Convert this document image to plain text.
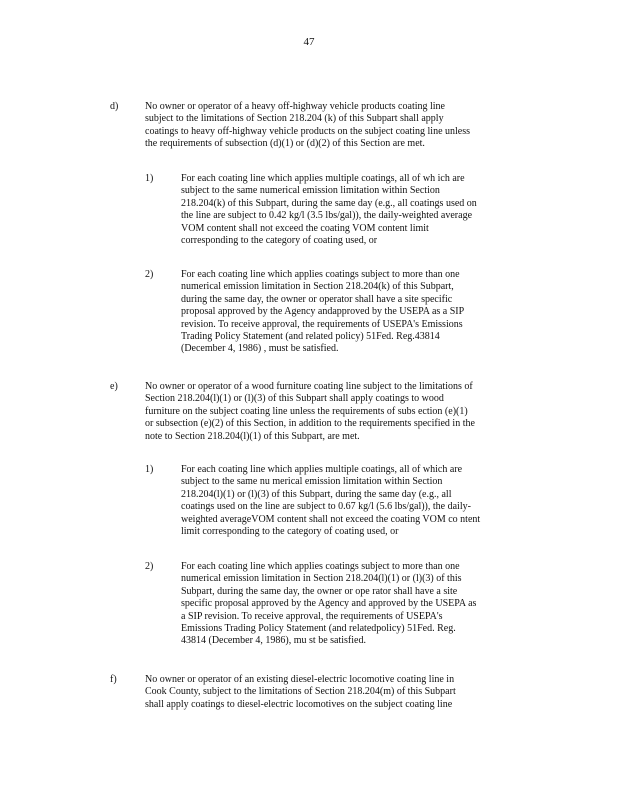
47
d)	No owner or operator of a heavy off-highway vehicle products coating line
subject to the limitations of Section 218.204 (k) of this Subpart shall apply
coatings to heavy off-highway vehicle products on the subject coating line unless
the requirements of subsection (d)(1) or (d)(2) of this Section are met.
1)	For each coating line which applies multiple coatings, all of wh ich are
subject to the same numerical emission limitation within Section
218.204(k) of this Subpart, during the same day (e.g., all coatings used on
the line are subject to 0.42 kg/l (3.5 lbs/gal)), the daily-weighted average
VOM content shall not exceed the coating VOM content limit
corresponding to the category of coating used, or
2)	For each coating line which applies coatings subject to more than one
numerical emission limitation in Section 218.204(k) of this Subpart,
during the same day, the owner or operator shall have a site specific
proposal approved by the Agency andapproved by the USEPA as a SIP
revision. To receive approval, the requirements of USEPA's Emissions
Trading Policy Statement (and related policy) 51Fed. Reg.43814
(December 4, 1986) , must be satisfied.
e)	No owner or operator of a wood furniture coating line subject to the limitations of
Section 218.204(l)(1) or (l)(3) of this Subpart shall apply coatings to wood
furniture on the subject coating line unless the requirements of subs ection (e)(1)
or subsection (e)(2) of this Section, in addition to the requirements specified in the
note to Section 218.204(l)(1) of this Subpart, are met.
1)	For each coating line which applies multiple coatings, all of which are
subject to the same nu merical emission limitation within Section
218.204(l)(1) or (l)(3) of this Subpart, during the same day (e.g., all
coatings used on the line are subject to 0.67 kg/l (5.6 lbs/gal)), the daily-
weighted averageVOM content shall not exceed the coating VOM co ntent
limit corresponding to the category of coating used, or
2)	For each coating line which applies coatings subject to more than one
numerical emission limitation in Section 218.204(l)(1) or (l)(3) of this
Subpart, during the same day, the owner or ope rator shall have a site
specific proposal approved by the Agency and approved by the USEPA as
a SIP revision. To receive approval, the requirements of USEPA's
Emissions Trading Policy Statement (and relatedpolicy) 51Fed. Reg.
43814 (December 4, 1986), mu st be satisfied.
f)	No owner or operator of an existing diesel-electric locomotive coating line in
Cook County, subject to the limitations of Section 218.204(m) of this Subpart
shall apply coatings to diesel-electric locomotives on the subject coating line
